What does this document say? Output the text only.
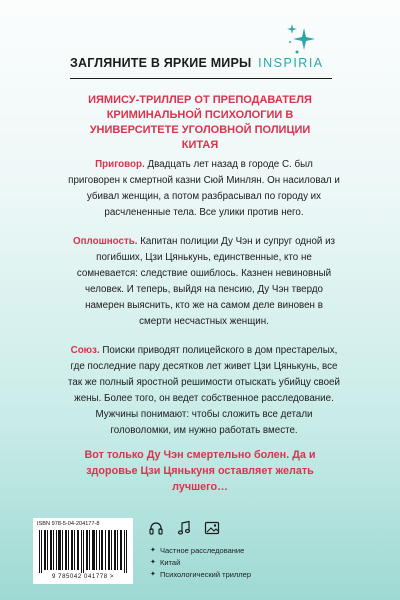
ЗАГЛЯНИТЕ В ЯРКИЕ МИРЫ INSPIRIA
ИЯМИСУ-ТРИЛЛЕР ОТ ПРЕПОДАВАТЕЛЯ КРИМИНАЛЬНОЙ ПСИХОЛОГИИ В УНИВЕРСИТЕТЕ УГОЛОВНОЙ ПОЛИЦИИ КИТАЯ
Приговор. Двадцать лет назад в городе С. был приговорен к смертной казни Сюй Минлян. Он насиловал и убивал женщин, а потом разбрасывал по городу их расчлененные тела. Все улики против него.
Оплошность. Капитан полиции Ду Чэн и супруг одной из погибших, Цзи Цянькунь, единственные, кто не сомневается: следствие ошиблось. Казнен невиновный человек. И теперь, выйдя на пенсию, Ду Чэн твердо намерен выяснить, кто же на самом деле виновен в смерти несчастных женщин.
Союз. Поиски приводят полицейского в дом престарелых, где последние пару десятков лет живет Цзи Цянькунь, все так же полный яростной решимости отыскать убийцу своей жены. Более того, он ведет собственное расследование. Мужчины понимают: чтобы сложить все детали головоломки, им нужно работать вместе.
Вот только Ду Чэн смертельно болен. Да и здоровье Цзи Цянькуня оставляет желать лучшего…
ISBN 978-5-04-204177-8
9 785042 041778 >
✦ Частное расследование
✦ Китай
✦ Психологический триллер
